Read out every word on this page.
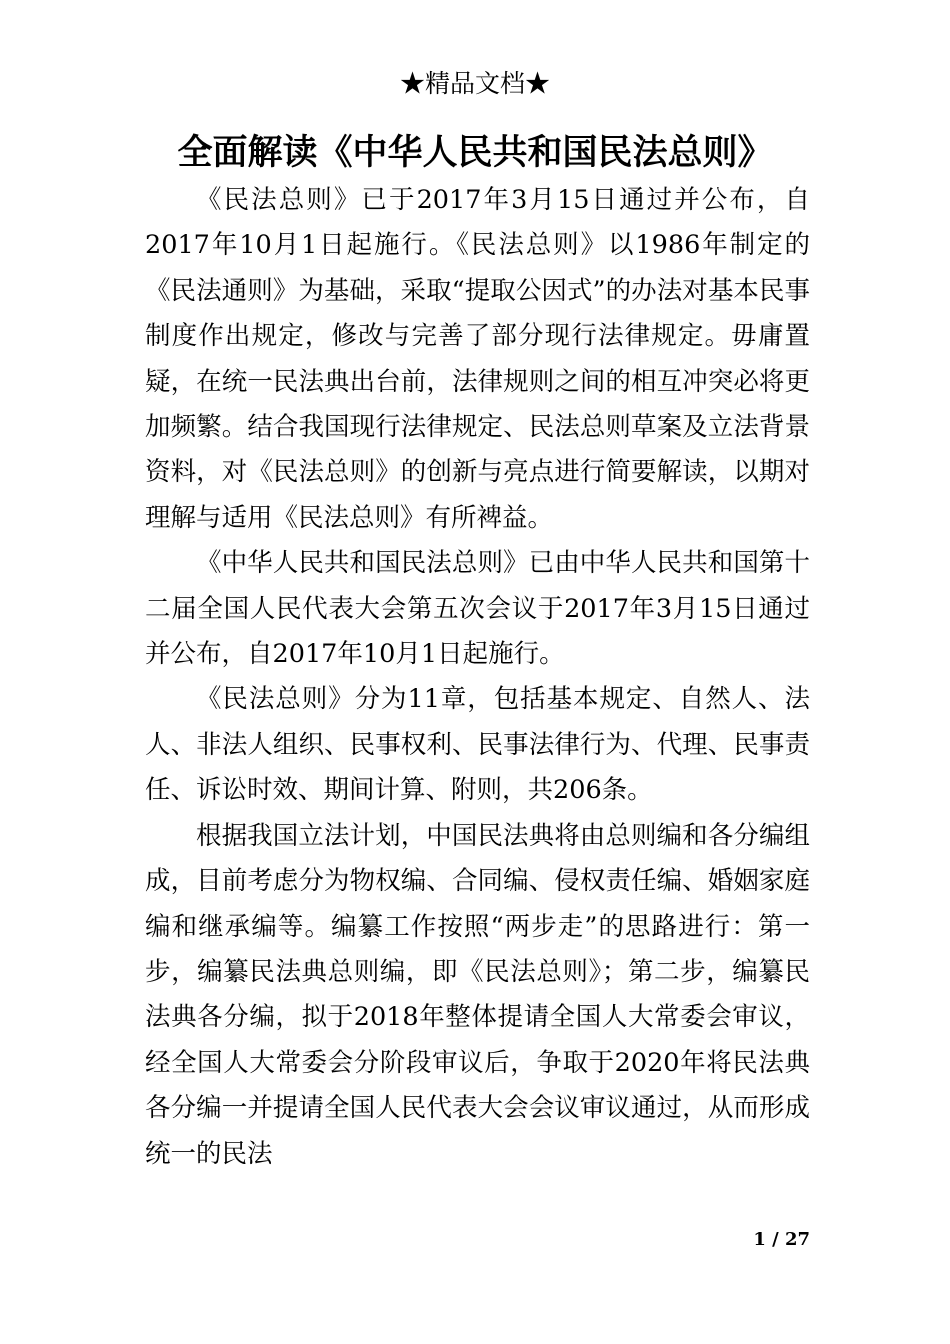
★精品文档★
全面解读《中华人民共和国民法总则》

《民法总则》已于2017年3月15日通过并公布，自2017年10月1日起施行。《民法总则》以1986年制定的《民法通则》为基础，采取“提取公因式”的办法对基本民事制度作出规定，修改与完善了部分现行法律规定。毋庸置疑，在统一民法典出台前，法律规则之间的相互冲突必将更加频繁。结合我国现行法律规定、民法总则草案及立法背景资料，对《民法总则》的创新与亮点进行简要解读，以期对理解与适用《民法总则》有所裨益。

《中华人民共和国民法总则》已由中华人民共和国第十二届全国人民代表大会第五次会议于2017年3月15日通过并公布，自2017年10月1日起施行。

《民法总则》分为11章，包括基本规定、自然人、法人、非法人组织、民事权利、民事法律行为、代理、民事责任、诉讼时效、期间计算、附则，共206条。

根据我国立法计划，中国民法典将由总则编和各分编组成，目前考虑分为物权编、合同编、侵权责任编、婚姻家庭编和继承编等。编纂工作按照“两步走”的思路进行：第一步，编纂民法典总则编，即《民法总则》；第二步，编纂民法典各分编，拟于2018年整体提请全国人大常委会审议，经全国人大常委会分阶段审议后，争取于2020年将民法典各分编一并提请全国人民代表大会会议审议通过，从而形成统一的民法

1 / 27
